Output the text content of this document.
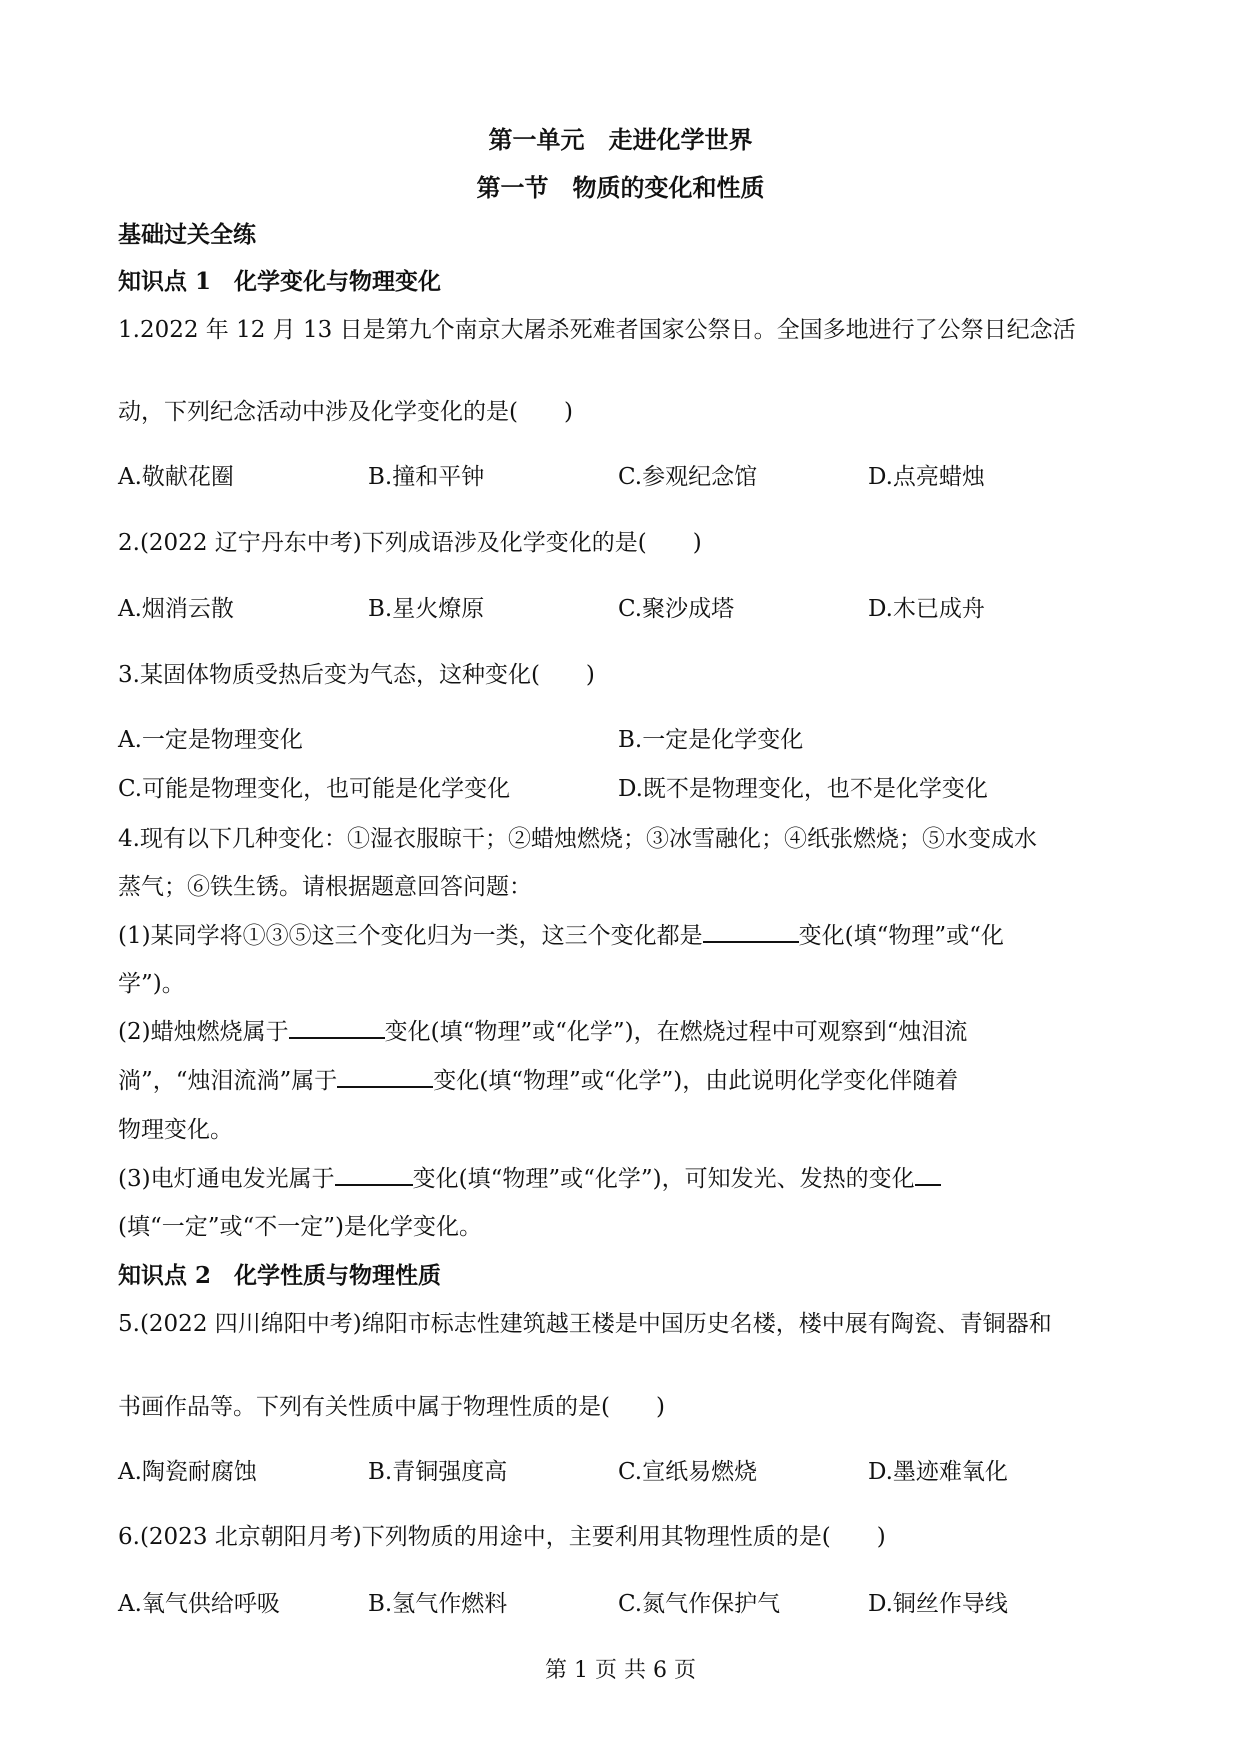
第一单元　走进化学世界
第一节　物质的变化和性质
基础过关全练
知识点 1　化学变化与物理变化
1.2022 年 12 月 13 日是第九个南京大屠杀死难者国家公祭日。全国多地进行了公祭日纪念活
动，下列纪念活动中涉及化学变化的是(　　)
A.敬献花圈	B.撞和平钟	C.参观纪念馆	D.点亮蜡烛
2.(2022 辽宁丹东中考)下列成语涉及化学变化的是(　　)
A.烟消云散	B.星火燎原	C.聚沙成塔	D.木已成舟
3.某固体物质受热后变为气态，这种变化(　　)
A.一定是物理变化	B.一定是化学变化
C.可能是物理变化，也可能是化学变化	D.既不是物理变化，也不是化学变化
4.现有以下几种变化：①湿衣服晾干；②蜡烛燃烧；③冰雪融化；④纸张燃烧；⑤水变成水
蒸气；⑥铁生锈。请根据题意回答问题：
(1)某同学将①③⑤这三个变化归为一类，这三个变化都是	变化(填“物理”或“化
学”)。
(2)蜡烛燃烧属于	变化(填“物理”或“化学”)，在燃烧过程中可观察到“烛泪流
淌”，“烛泪流淌”属于	变化(填“物理”或“化学”)，由此说明化学变化伴随着
物理变化。
(3)电灯通电发光属于	变化(填“物理”或“化学”)，可知发光、发热的变化
(填“一定”或“不一定”)是化学变化。
知识点 2　化学性质与物理性质
5.(2022 四川绵阳中考)绵阳市标志性建筑越王楼是中国历史名楼，楼中展有陶瓷、青铜器和
书画作品等。下列有关性质中属于物理性质的是(　　)
A.陶瓷耐腐蚀	B.青铜强度高	C.宣纸易燃烧	D.墨迹难氧化
6.(2023 北京朝阳月考)下列物质的用途中，主要利用其物理性质的是(　　)
A.氧气供给呼吸	B.氢气作燃料	C.氮气作保护气	D.铜丝作导线
第 1 页 共 6 页
